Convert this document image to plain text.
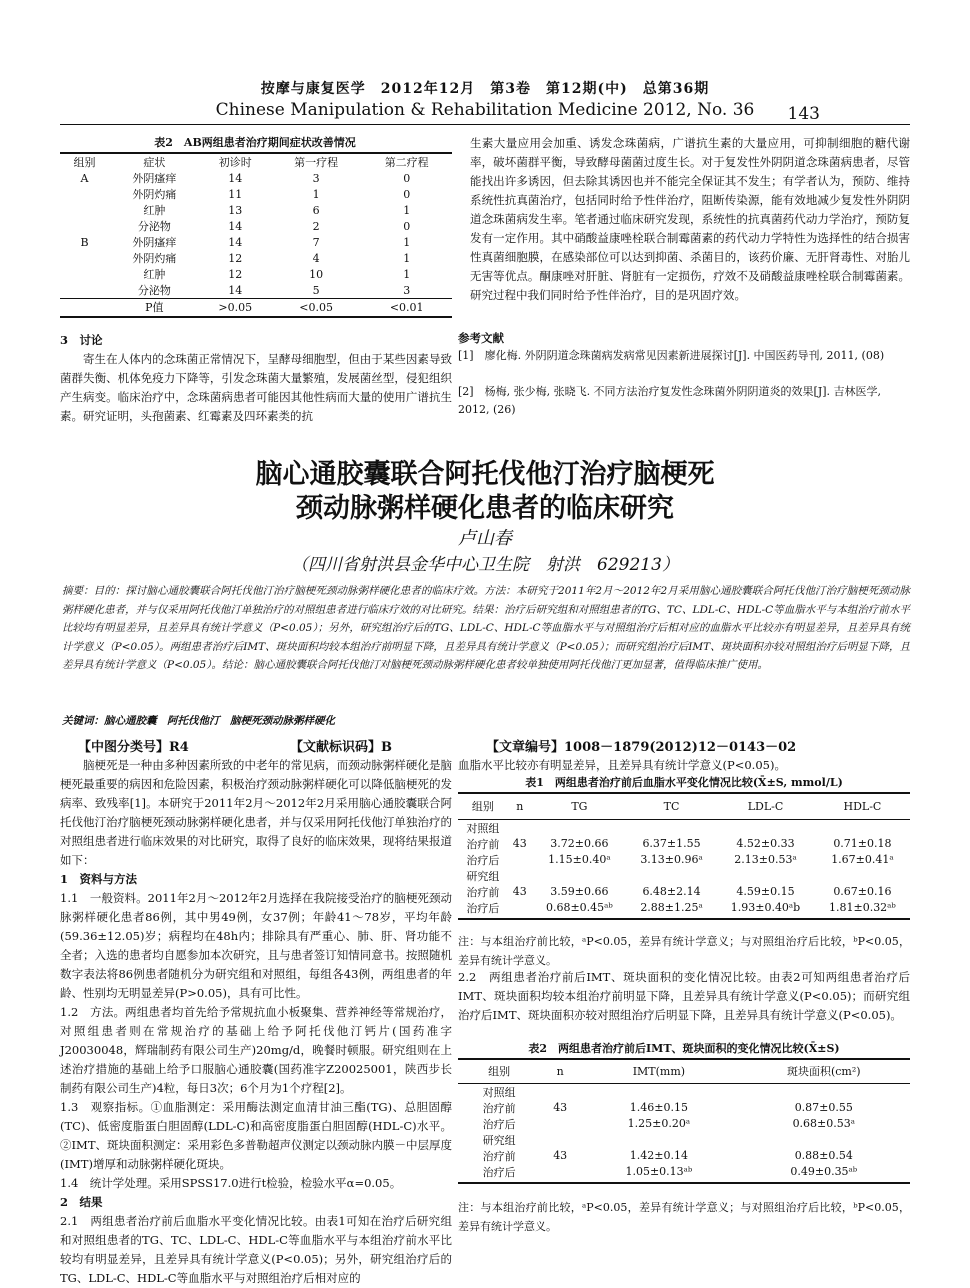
按摩与康复医学　2012年12月　第3卷　第12期(中)　总第36期
Chinese Manipulation & Rehabilitation Medicine 2012, No. 36	143
表2　AB两组患者治疗期间症状改善情况
组别	症状	初诊时	第一疗程	第二疗程
A	外阴瘙痒	14	3	0
	外阴灼痛	11	1	0
	红肿	13	6	1
	分泌物	14	2	0
B	外阴瘙痒	14	7	1
	外阴灼痛	12	4	1
	红肿	12	10	1
	分泌物	14	5	3
	P值	>0.05	<0.05	<0.01
3　讨论
寄生在人体内的念珠菌正常情况下，呈酵母细胞型，但由于某些因素导致菌群失衡、机体免疫力下降等，引发念珠菌大量繁殖，发展菌丝型，侵犯组织产生病变。临床治疗中，念珠菌病患者可能因其他性病而大量的使用广谱抗生素。研究证明，头孢菌素、红霉素及四环素类的抗
生素大量应用会加重、诱发念珠菌病，广谱抗生素的大量应用，可抑制细胞的糖代谢率，破坏菌群平衡，导致酵母菌菌过度生长。对于复发性外阴阴道念珠菌病患者，尽管能找出许多诱因，但去除其诱因也并不能完全保证其不发生；有学者认为，预防、维持系统性抗真菌治疗，包括同时给予性伴治疗，阻断传染源，能有效地减少复发性外阴阴道念珠菌病发生率。笔者通过临床研究发现，系统性的抗真菌药代动力学治疗，预防复发有一定作用。其中硝酸益康唑栓联合制霉菌素的药代动力学特性为选择性的结合损害性真菌细胞膜，在感染部位可以达到抑菌、杀菌目的，该药价廉、无肝肾毒性、对胎儿无害等优点。酮康唑对肝脏、肾脏有一定损伤，疗效不及硝酸益康唑栓联合制霉菌素。研究过程中我们同时给予性伴治疗，目的是巩固疗效。
参考文献
[1]　廖化梅. 外阴阴道念珠菌病发病常见因素新进展探讨[J]. 中国医药导刊, 2011, (08)
[2]　杨梅, 张少梅, 张晓飞. 不同方法治疗复发性念珠菌外阴阴道炎的效果[J]. 吉林医学, 2012, (26)
脑心通胶囊联合阿托伐他汀治疗脑梗死
颈动脉粥样硬化患者的临床研究
卢山春
（四川省射洪县金华中心卫生院　射洪　629213）
摘要：目的：探讨脑心通胶囊联合阿托伐他汀治疗脑梗死颈动脉粥样硬化患者的临床疗效。方法：本研究于2011年2月～2012年2月采用脑心通胶囊联合阿托伐他汀治疗脑梗死颈动脉粥样硬化患者，并与仅采用阿托伐他汀单独治疗的对照组患者进行临床疗效的对比研究。结果：治疗后研究组和对照组患者的TG、TC、LDL-C、HDL-C等血脂水平与本组治疗前水平比较均有明显差异，且差异具有统计学意义（P<0.05）；另外，研究组治疗后的TG、LDL-C、HDL-C等血脂水平与对照组治疗后相对应的血脂水平比较亦有明显差异，且差异具有统计学意义（P<0.05）。两组患者治疗后IMT、斑块面积均较本组治疗前明显下降，且差异具有统计学意义（P<0.05）；而研究组治疗后IMT、斑块面积亦较对照组治疗后明显下降，且差异具有统计学意义（P<0.05）。结论：脑心通胶囊联合阿托伐他汀对脑梗死颈动脉粥样硬化患者较单独使用阿托伐他汀更加显著，值得临床推广使用。
关键词：脑心通胶囊　阿托伐他汀　脑梗死颈动脉粥样硬化
【中图分类号】R4	【文献标识码】B	【文章编号】1008－1879(2012)12－0143－02
脑梗死是一种由多种因素所致的中老年的常见病，而颈动脉粥样硬化是脑梗死最重要的病因和危险因素，积极治疗颈动脉粥样硬化可以降低脑梗死的发病率、致残率[1]。本研究于2011年2月～2012年2月采用脑心通胶囊联合阿托伐他汀治疗脑梗死颈动脉粥样硬化患者，并与仅采用阿托伐他汀单独治疗的对照组患者进行临床效果的对比研究，取得了良好的临床效果，现将结果报道如下：
1　资料与方法
1.1　一般资料。2011年2月～2012年2月选择在我院接受治疗的脑梗死颈动脉粥样硬化患者86例，其中男49例，女37例；年龄41～78岁，平均年龄(59.36±12.05)岁；病程均在48h内；排除具有严重心、肺、肝、肾功能不全者；入选的患者均自愿参加本次研究，且与患者签订知情同意书。按照随机数字表法将86例患者随机分为研究组和对照组，每组各43例，两组患者的年龄、性别均无明显差异(P>0.05)，具有可比性。
1.2　方法。两组患者均首先给予常规抗血小板聚集、营养神经等常规治疗，对照组患者则在常规治疗的基础上给予阿托伐他汀钙片(国药准字J20030048，辉瑞制药有限公司生产)20mg/d，晚餐时顿服。研究组则在上述治疗措施的基础上给予口服脑心通胶囊(国药准字Z20025001，陕西步长制药有限公司生产)4粒，每日3次；6个月为1个疗程[2]。
1.3　观察指标。①血脂测定：采用酶法测定血清甘油三酯(TG)、总胆固醇(TC)、低密度脂蛋白胆固醇(LDL-C)和高密度脂蛋白胆固醇(HDL-C)水平。②IMT、斑块面积测定：采用彩色多普勒超声仪测定以颈动脉内膜－中层厚度(IMT)增厚和动脉粥样硬化斑块。
1.4　统计学处理。采用SPSS17.0进行t检验，检验水平α=0.05。
2　结果
2.1　两组患者治疗前后血脂水平变化情况比较。由表1可知在治疗后研究组和对照组患者的TG、TC、LDL-C、HDL-C等血脂水平与本组治疗前水平比较均有明显差异，且差异具有统计学意义(P<0.05)；另外，研究组治疗后的TG、LDL-C、HDL-C等血脂水平与对照组治疗后相对应的
血脂水平比较亦有明显差异，且差异具有统计学意义(P<0.05)。
表1　两组患者治疗前后血脂水平变化情况比较(X̄±S, mmol/L)
组别	n	TG	TC	LDL-C	HDL-C
对照组					
治疗前	43	3.72±0.66	6.37±1.55	4.52±0.33	0.71±0.18
治疗后		1.15±0.40ᵃ	3.13±0.96ᵃ	2.13±0.53ᵃ	1.67±0.41ᵃ
研究组					
治疗前	43	3.59±0.66	6.48±2.14	4.59±0.15	0.67±0.16
治疗后		0.68±0.45ᵃᵇ	2.88±1.25ᵃ	1.93±0.40ᵃb	1.81±0.32ᵃᵇ
注：与本组治疗前比较，ᵃP<0.05，差异有统计学意义；与对照组治疗后比较，ᵇP<0.05，差异有统计学意义。
2.2　两组患者治疗前后IMT、斑块面积的变化情况比较。由表2可知两组患者治疗后IMT、斑块面积均较本组治疗前明显下降，且差异具有统计学意义(P<0.05)；而研究组治疗后IMT、斑块面积亦较对照组治疗后明显下降，且差异具有统计学意义(P<0.05)。
表2　两组患者治疗前后IMT、斑块面积的变化情况比较(X̄±S)
组别	n	IMT(mm)	斑块面积(cm²)
对照组			
治疗前	43	1.46±0.15	0.87±0.55
治疗后		1.25±0.20ᵃ	0.68±0.53ᵃ
研究组			
治疗前	43	1.42±0.14	0.88±0.54
治疗后		1.05±0.13ᵃᵇ	0.49±0.35ᵃᵇ
注：与本组治疗前比较，ᵃP<0.05，差异有统计学意义；与对照组治疗后比较，ᵇP<0.05，差异有统计学意义。
